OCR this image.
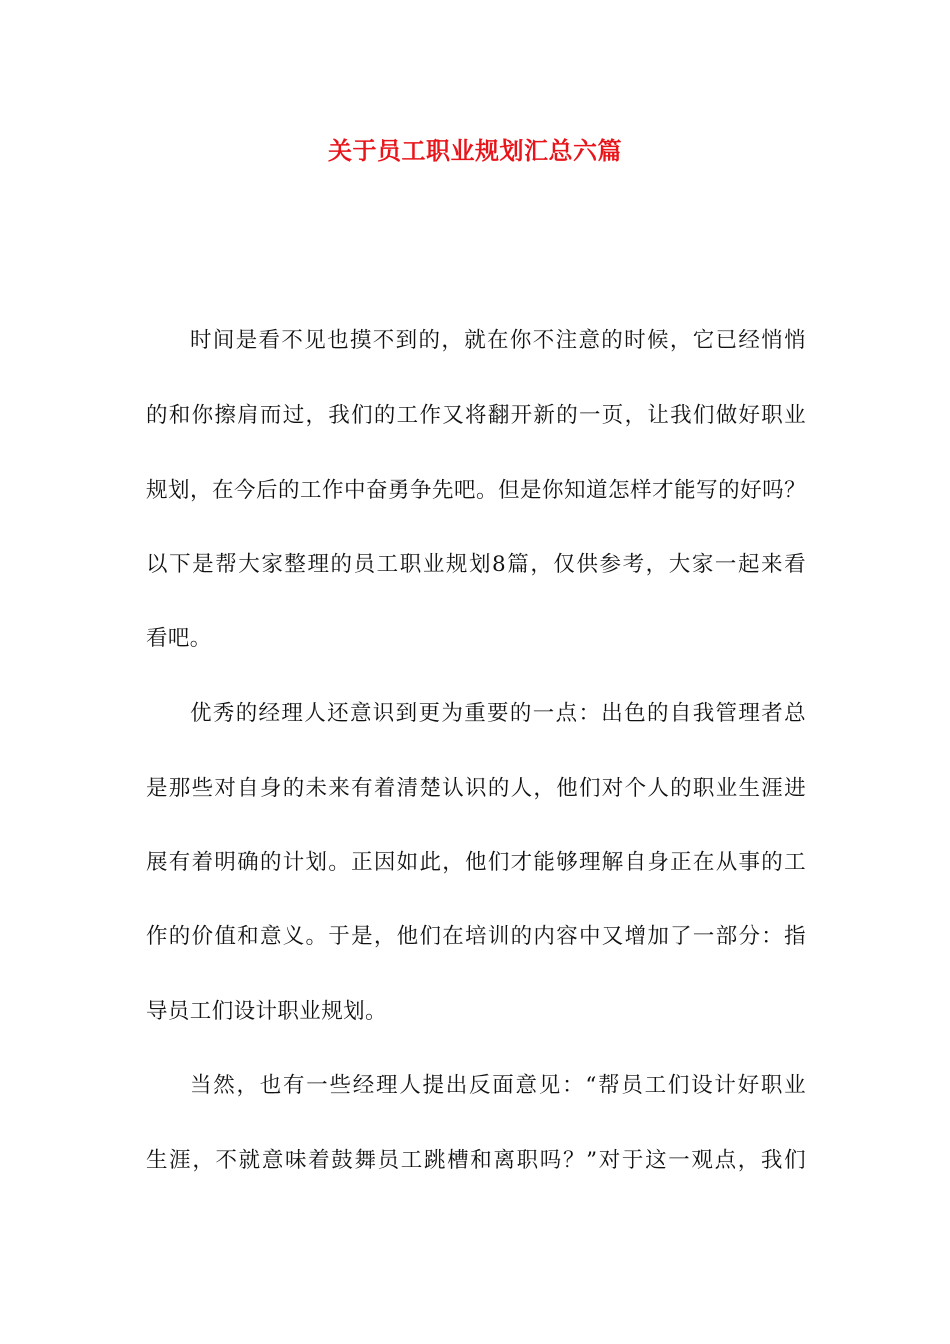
关于员工职业规划汇总六篇
时间是看不见也摸不到的，就在你不注意的时候，它已经悄悄
的和你擦肩而过，我们的工作又将翻开新的一页，让我们做好职业
规划，在今后的工作中奋勇争先吧。但是你知道怎样才能写的好吗？
以下是帮大家整理的员工职业规划8篇，仅供参考，大家一起来看
看吧。
优秀的经理人还意识到更为重要的一点：出色的自我管理者总
是那些对自身的未来有着清楚认识的人，他们对个人的职业生涯进
展有着明确的计划。正因如此，他们才能够理解自身正在从事的工
作的价值和意义。于是，他们在培训的内容中又增加了一部分：指
导员工们设计职业规划。
当然，也有一些经理人提出反面意见：“帮员工们设计好职业
生涯，不就意味着鼓舞员工跳槽和离职吗？”对于这一观点，我们
